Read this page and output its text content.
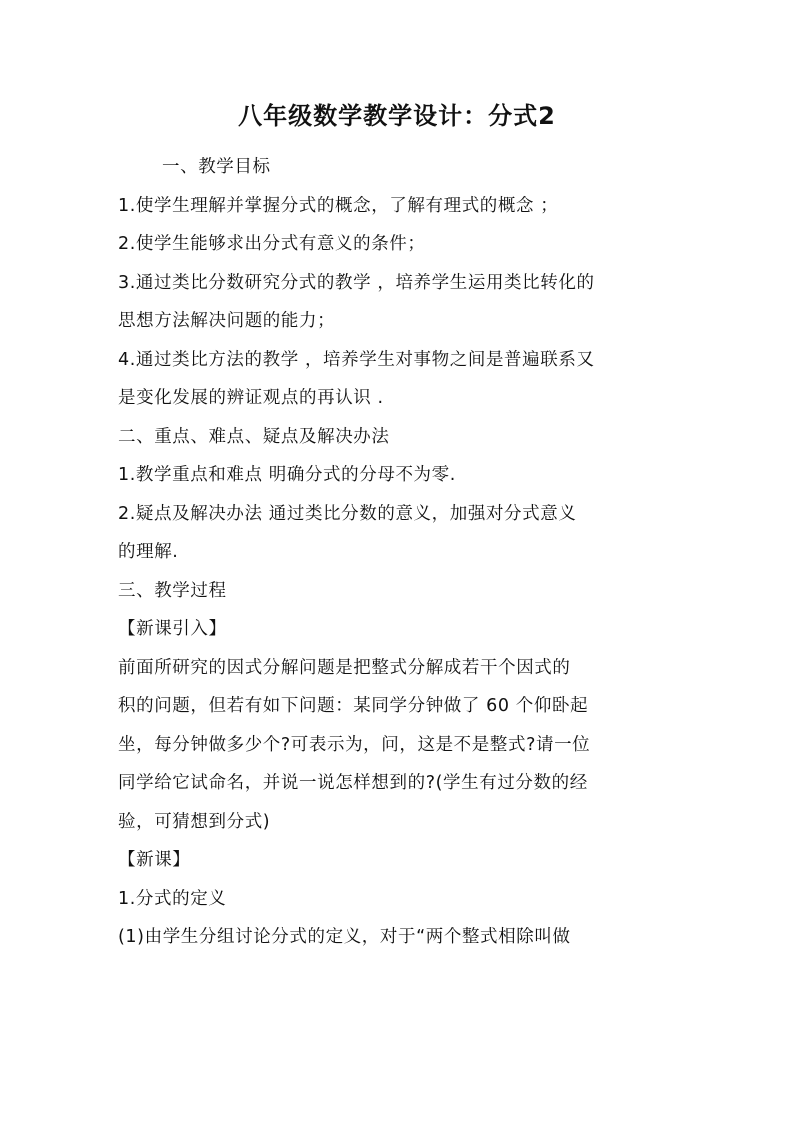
八年级数学教学设计：分式2
一、教学目标
1.使学生理解并掌握分式的概念，了解有理式的概念 ；
2.使学生能够求出分式有意义的条件；
3.通过类比分数研究分式的教学 ，培养学生运用类比转化的
思想方法解决问题的能力；
4.通过类比方法的教学 ，培养学生对事物之间是普遍联系又
是变化发展的辨证观点的再认识 .
二、重点、难点、疑点及解决办法
1.教学重点和难点 明确分式的分母不为零.
2.疑点及解决办法 通过类比分数的意义，加强对分式意义
的理解.
三、教学过程
【新课引入】
前面所研究的因式分解问题是把整式分解成若干个因式的
积的问题，但若有如下问题：某同学分钟做了 60 个仰卧起
坐，每分钟做多少个?可表示为，问，这是不是整式?请一位
同学给它试命名，并说一说怎样想到的?(学生有过分数的经
验，可猜想到分式)
【新课】
1.分式的定义
(1)由学生分组讨论分式的定义，对于“两个整式相除叫做
